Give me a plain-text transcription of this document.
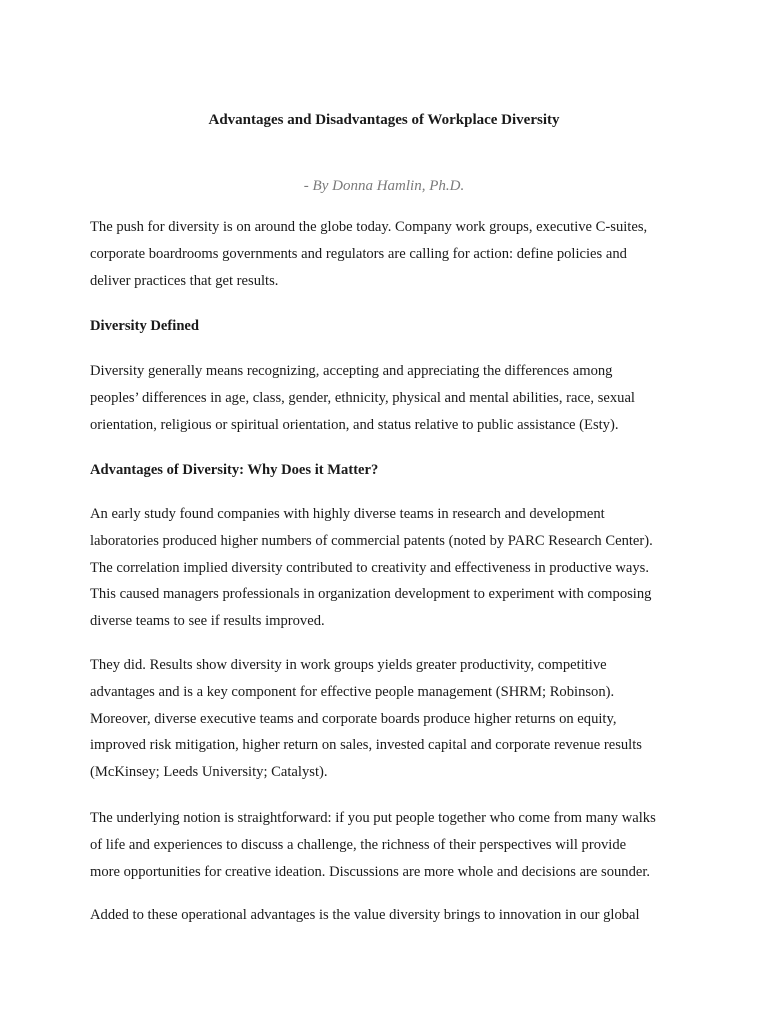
Advantages and Disadvantages of Workplace Diversity
- By Donna Hamlin, Ph.D.

The push for diversity is on around the globe today. Company work groups, executive C-suites,
corporate boardrooms governments and regulators are calling for action: define policies and
deliver practices that get results.

Diversity Defined

Diversity generally means recognizing, accepting and appreciating the differences among
peoples’ differences in age, class, gender, ethnicity, physical and mental abilities, race, sexual
orientation, religious or spiritual orientation, and status relative to public assistance (Esty).

Advantages of Diversity: Why Does it Matter?

An early study found companies with highly diverse teams in research and development
laboratories produced higher numbers of commercial patents (noted by PARC Research Center).
The correlation implied diversity contributed to creativity and effectiveness in productive ways.
This caused managers professionals in organization development to experiment with composing
diverse teams to see if results improved.

They did. Results show diversity in work groups yields greater productivity, competitive
advantages and is a key component for effective people management (SHRM; Robinson).
Moreover, diverse executive teams and corporate boards produce higher returns on equity,
improved risk mitigation, higher return on sales, invested capital and corporate revenue results
(McKinsey; Leeds University; Catalyst).

The underlying notion is straightforward: if you put people together who come from many walks
of life and experiences to discuss a challenge, the richness of their perspectives will provide
more opportunities for creative ideation. Discussions are more whole and decisions are sounder.

Added to these operational advantages is the value diversity brings to innovation in our global
